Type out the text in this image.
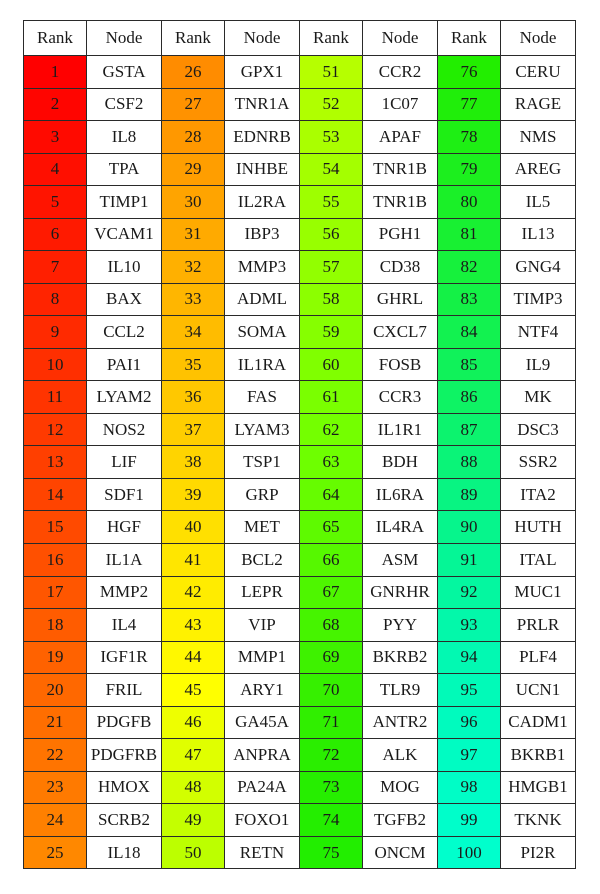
Rank	Node	Rank	Node	Rank	Node	Rank	Node
1	GSTA	26	GPX1	51	CCR2	76	CERU
2	CSF2	27	TNR1A	52	1C07	77	RAGE
3	IL8	28	EDNRB	53	APAF	78	NMS
4	TPA	29	INHBE	54	TNR1B	79	AREG
5	TIMP1	30	IL2RA	55	TNR1B	80	IL5
6	VCAM1	31	IBP3	56	PGH1	81	IL13
7	IL10	32	MMP3	57	CD38	82	GNG4
8	BAX	33	ADML	58	GHRL	83	TIMP3
9	CCL2	34	SOMA	59	CXCL7	84	NTF4
10	PAI1	35	IL1RA	60	FOSB	85	IL9
11	LYAM2	36	FAS	61	CCR3	86	MK
12	NOS2	37	LYAM3	62	IL1R1	87	DSC3
13	LIF	38	TSP1	63	BDH	88	SSR2
14	SDF1	39	GRP	64	IL6RA	89	ITA2
15	HGF	40	MET	65	IL4RA	90	HUTH
16	IL1A	41	BCL2	66	ASM	91	ITAL
17	MMP2	42	LEPR	67	GNRHR	92	MUC1
18	IL4	43	VIP	68	PYY	93	PRLR
19	IGF1R	44	MMP1	69	BKRB2	94	PLF4
20	FRIL	45	ARY1	70	TLR9	95	UCN1
21	PDGFB	46	GA45A	71	ANTR2	96	CADM1
22	PDGFRB	47	ANPRA	72	ALK	97	BKRB1
23	HMOX	48	PA24A	73	MOG	98	HMGB1
24	SCRB2	49	FOXO1	74	TGFB2	99	TKNK
25	IL18	50	RETN	75	ONCM	100	PI2R
